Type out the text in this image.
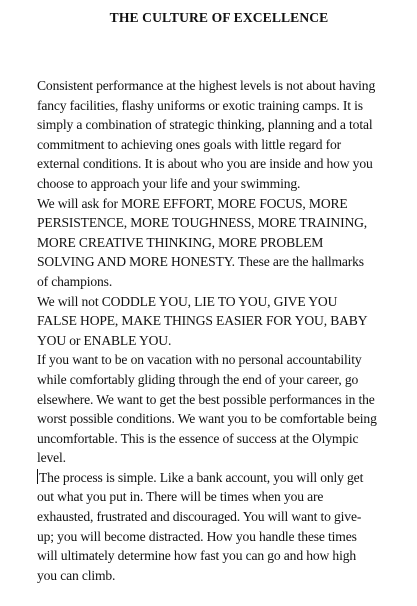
THE CULTURE OF EXCELLENCE

Consistent performance at the highest levels is not about having fancy facilities, flashy uniforms or exotic training camps. It is simply a combination of strategic thinking, planning and a total commitment to achieving ones goals with little regard for external conditions. It is about who you are inside and how you choose to approach your life and your swimming.

We will ask for MORE EFFORT, MORE FOCUS, MORE PERSISTENCE, MORE TOUGHNESS, MORE TRAINING, MORE CREATIVE THINKING, MORE PROBLEM SOLVING AND MORE HONESTY. These are the hallmarks of champions.

We will not CODDLE YOU, LIE TO YOU, GIVE YOU FALSE HOPE, MAKE THINGS EASIER FOR YOU, BABY YOU or ENABLE YOU.

If you want to be on vacation with no personal accountability while comfortably gliding through the end of your career, go elsewhere. We want to get the best possible performances in the worst possible conditions. We want you to be comfortable being uncomfortable. This is the essence of success at the Olympic level.

The process is simple. Like a bank account, you will only get out what you put in. There will be times when you are exhausted, frustrated and discouraged. You will want to give-up; you will become distracted. How you handle these times will ultimately determine how fast you can go and how high you can climb.
